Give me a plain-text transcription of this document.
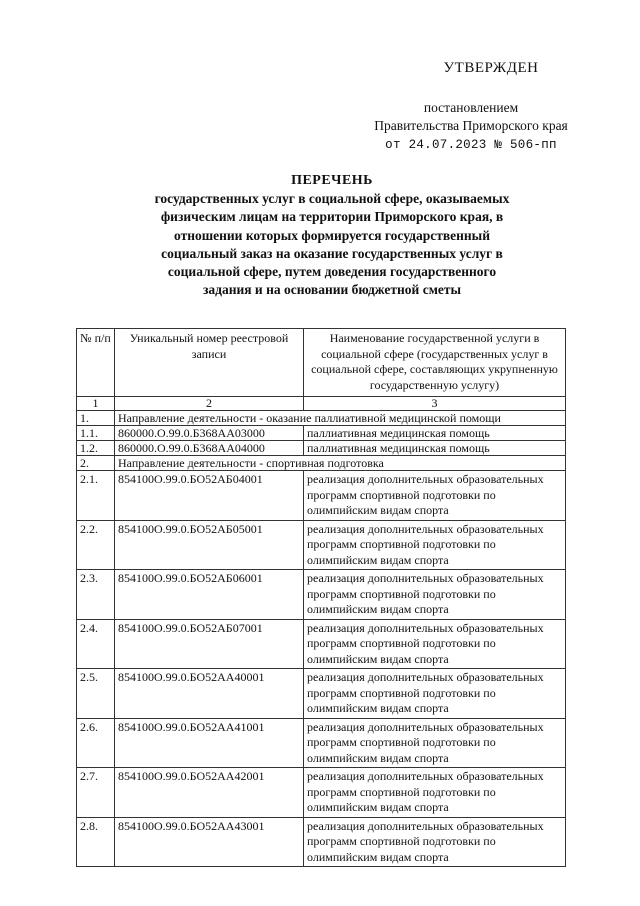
УТВЕРЖДЕН
постановлением
Правительства Приморского края
от 24.07.2023 № 506-пп
ПЕРЕЧЕНЬ
государственных услуг в социальной сфере, оказываемых
физическим лицам на территории Приморского края, в
отношении которых формируется государственный
социальный заказ на оказание государственных услуг в
социальной сфере, путем доведения государственного
задания и на основании бюджетной сметы
№ п/п	Уникальный номер реестровой записи	Наименование государственной услуги в социальной сфере (государственных услуг в социальной сфере, составляющих укрупненную государственную услугу)
1	2	3
1.	Направление деятельности - оказание паллиативной медицинской помощи	
1.1.	860000.О.99.0.Б368АА03000	паллиативная медицинская помощь
1.2.	860000.О.99.0.Б368АА04000	паллиативная медицинская помощь
2.	Направление деятельности - спортивная подготовка	
2.1.	854100О.99.0.БО52АБ04001	реализация дополнительных образовательных программ спортивной подготовки по олимпийским видам спорта
2.2.	854100О.99.0.БО52АБ05001	реализация дополнительных образовательных программ спортивной подготовки по олимпийским видам спорта
2.3.	854100О.99.0.БО52АБ06001	реализация дополнительных образовательных программ спортивной подготовки по олимпийским видам спорта
2.4.	854100О.99.0.БО52АБ07001	реализация дополнительных образовательных программ спортивной подготовки по олимпийским видам спорта
2.5.	854100О.99.0.БО52АА40001	реализация дополнительных образовательных программ спортивной подготовки по олимпийским видам спорта
2.6.	854100О.99.0.БО52АА41001	реализация дополнительных образовательных программ спортивной подготовки по олимпийским видам спорта
2.7.	854100О.99.0.БО52АА42001	реализация дополнительных образовательных программ спортивной подготовки по олимпийским видам спорта
2.8.	854100О.99.0.БО52АА43001	реализация дополнительных образовательных программ спортивной подготовки по олимпийским видам спорта
